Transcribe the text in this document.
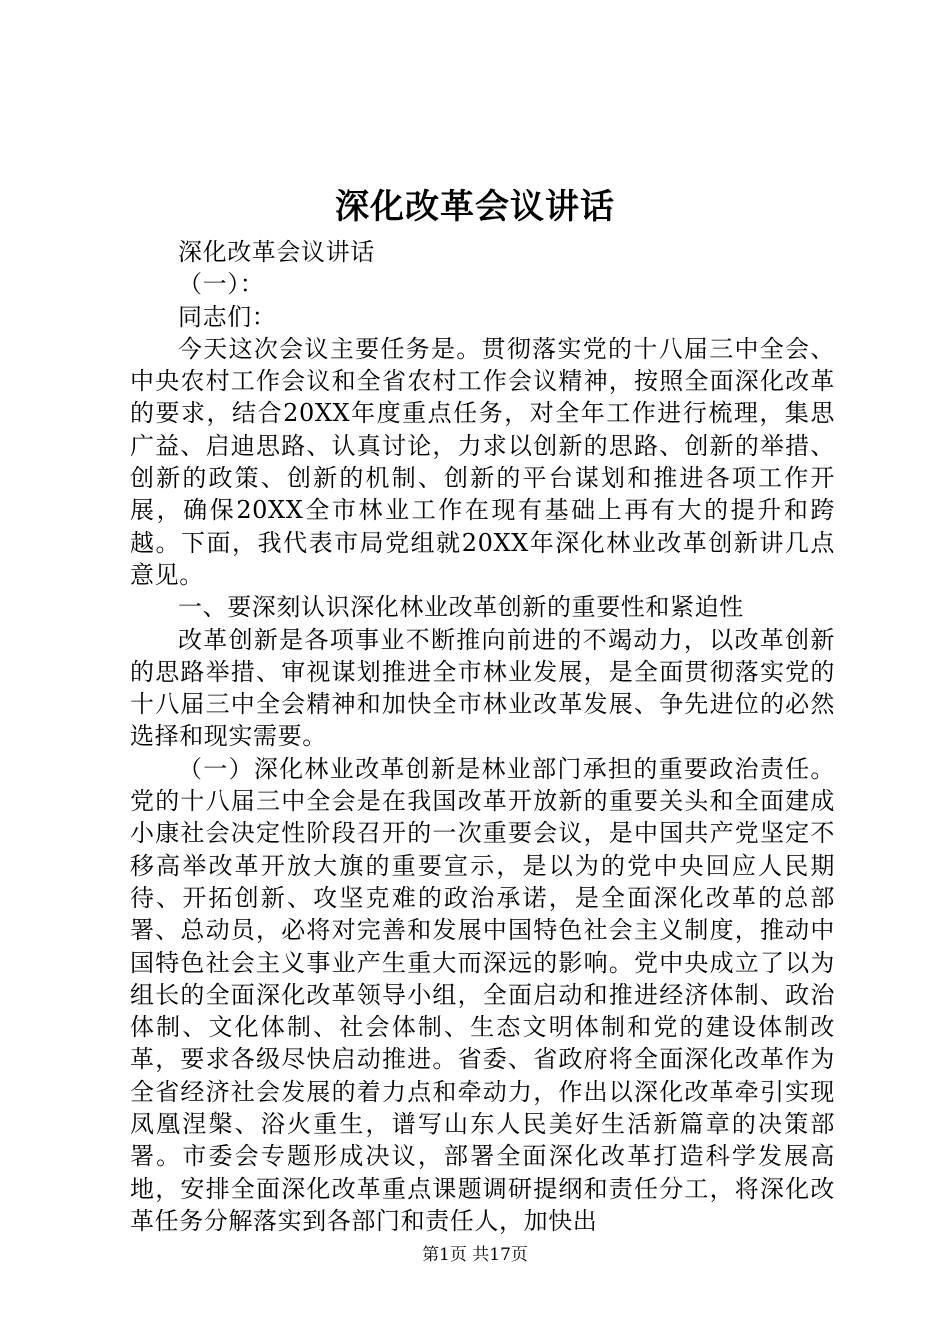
深化改革会议讲话

深化改革会议讲话

（一）：

同志们：

今天这次会议主要任务是。贯彻落实党的十八届三中全会、中央农村工作会议和全省农村工作会议精神，按照全面深化改革的要求，结合20XX年度重点任务，对全年工作进行梳理，集思广益、启迪思路、认真讨论，力求以创新的思路、创新的举措、创新的政策、创新的机制、创新的平台谋划和推进各项工作开展，确保20XX全市林业工作在现有基础上再有大的提升和跨越。下面，我代表市局党组就20XX年深化林业改革创新讲几点意见。

一、要深刻认识深化林业改革创新的重要性和紧迫性

改革创新是各项事业不断推向前进的不竭动力，以改革创新的思路举措、审视谋划推进全市林业发展，是全面贯彻落实党的十八届三中全会精神和加快全市林业改革发展、争先进位的必然选择和现实需要。

（一）深化林业改革创新是林业部门承担的重要政治责任。党的十八届三中全会是在我国改革开放新的重要关头和全面建成小康社会决定性阶段召开的一次重要会议，是中国共产党坚定不移高举改革开放大旗的重要宣示，是以为的党中央回应人民期待、开拓创新、攻坚克难的政治承诺，是全面深化改革的总部署、总动员，必将对完善和发展中国特色社会主义制度，推动中国特色社会主义事业产生重大而深远的影响。党中央成立了以为组长的全面深化改革领导小组，全面启动和推进经济体制、政治体制、文化体制、社会体制、生态文明体制和党的建设体制改革，要求各级尽快启动推进。省委、省政府将全面深化改革作为全省经济社会发展的着力点和牵动力，作出以深化改革牵引实现凤凰涅槃、浴火重生，谱写山东人民美好生活新篇章的决策部署。市委会专题形成决议，部署全面深化改革打造科学发展高地，安排全面深化改革重点课题调研提纲和责任分工，将深化改革任务分解落实到各部门和责任人，加快出

第1页 共17页
